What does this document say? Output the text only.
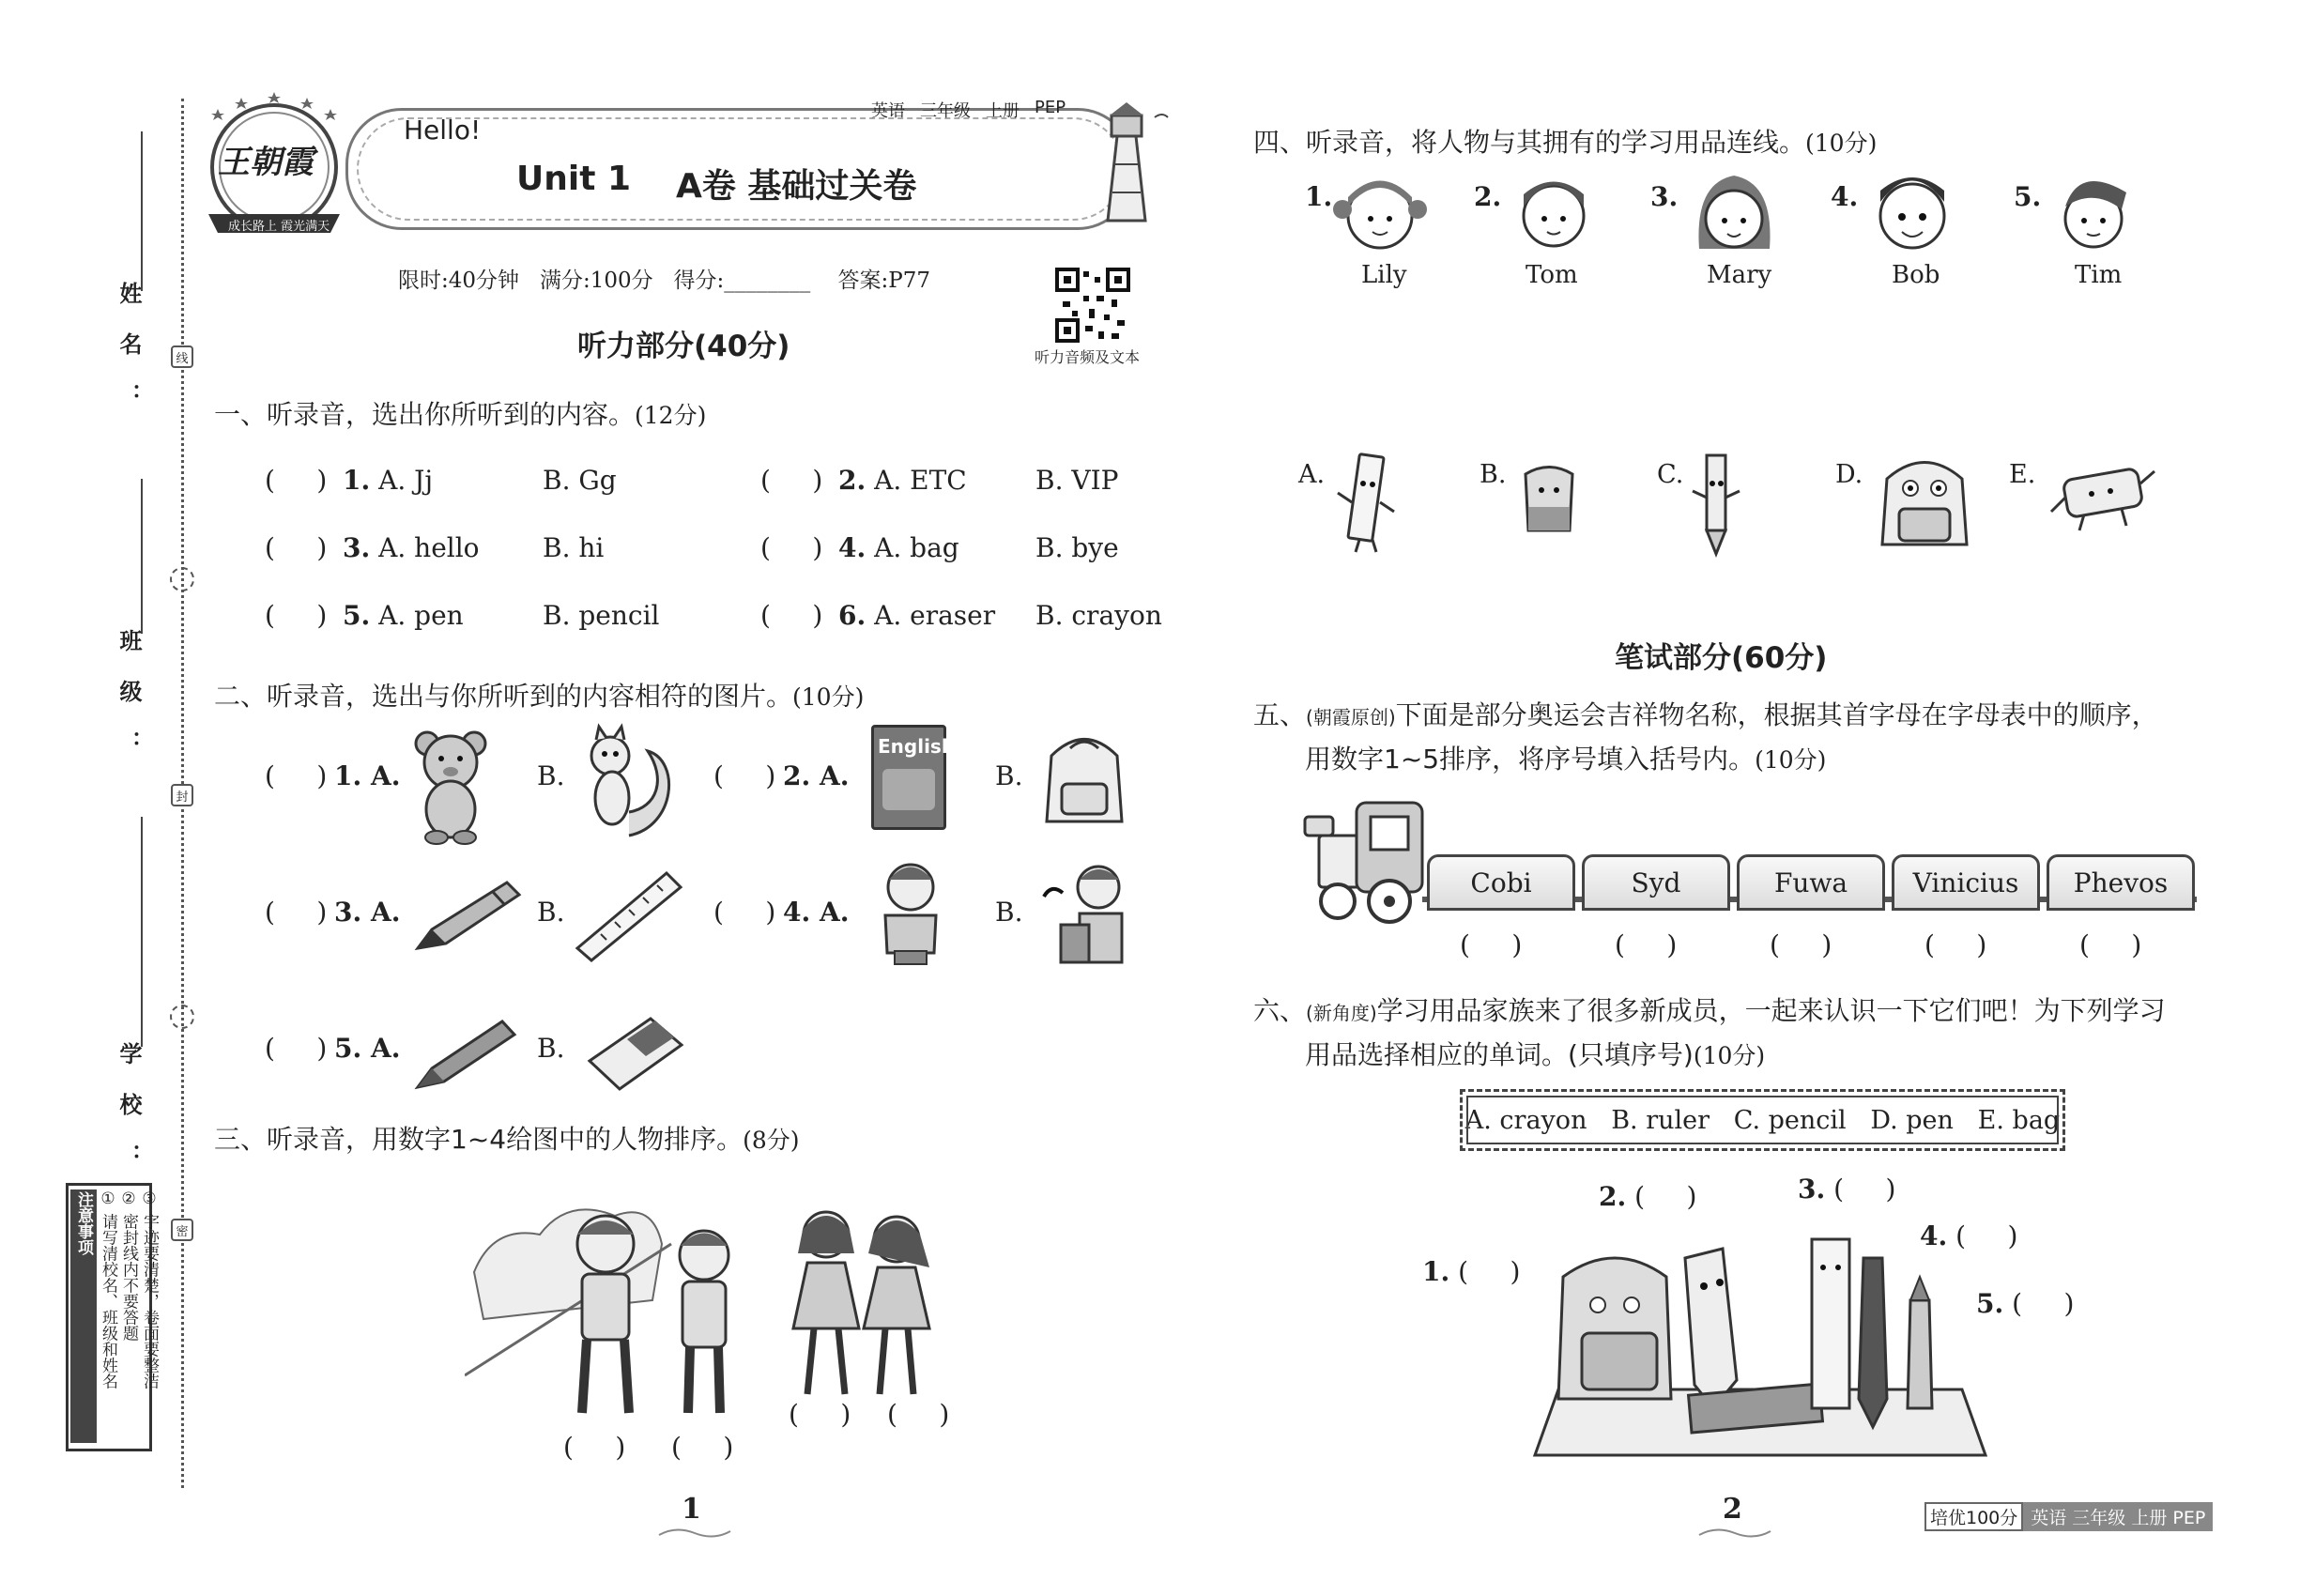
姓名：
班级：
学校：
线
封
密
注意事项 ① 请写清校名、班级和姓名 ② 密封线内不要答题 ③ 字迹要清楚，卷面要整洁
王朝霞
成长路上 霞光满天
Hello!
英语 三年级 上册 PEP
Unit 1 A卷 基础过关卷
限时:40分钟   满分:100分   得分:________    答案:P77
听力音频及文本
听力部分(40分)
一、听录音，选出你所听到的内容。(12分)
(     ) 1. A. Jj	B. Gg	(     ) 2. A. ETC	B. VIP
(     ) 3. A. hello B. hi	(     ) 4. A. bag	B. bye
(     ) 5. A. pen	B. pencil	(     ) 6. A. eraser B. crayon
二、听录音，选出与你所听到的内容相符的图片。(10分)
(     ) 1. A.	B.	(     ) 2. A.
English
B.
(     ) 3. A.	B.	(     ) 4. A.	B.
(     ) 5. A.	B.
三、听录音，用数字1~4给图中的人物排序。(8分)
(     ) (     )
(     ) (     )
1
四、听录音，将人物与其拥有的学习用品连线。(10分)
1.
Lily
2.
Tom
3.
Mary
4.
Bob
5.
Tim
A.	B.	C.	D.	E.
笔试部分(60分)
五、(朝霞原创)下面是部分奥运会吉祥物名称，根据其首字母在字母表中的顺序，
用数字1~5排序，将序号填入括号内。(10分)
Cobi	Syd	Fuwa	Vinicius	Phevos
(     )	(     )	(     )	(     )	(     )
六、(新角度)学习用品家族来了很多新成员，一起来认识一下它们吧！为下列学习
用品选择相应的单词。(只填序号)(10分)
A. crayon   B. ruler   C. pencil   D. pen   E. bag
1. (     )
2. (     )	3. (     )
4. (     )
5. (     )
2	培优100分 英语 三年级 上册 PEP
